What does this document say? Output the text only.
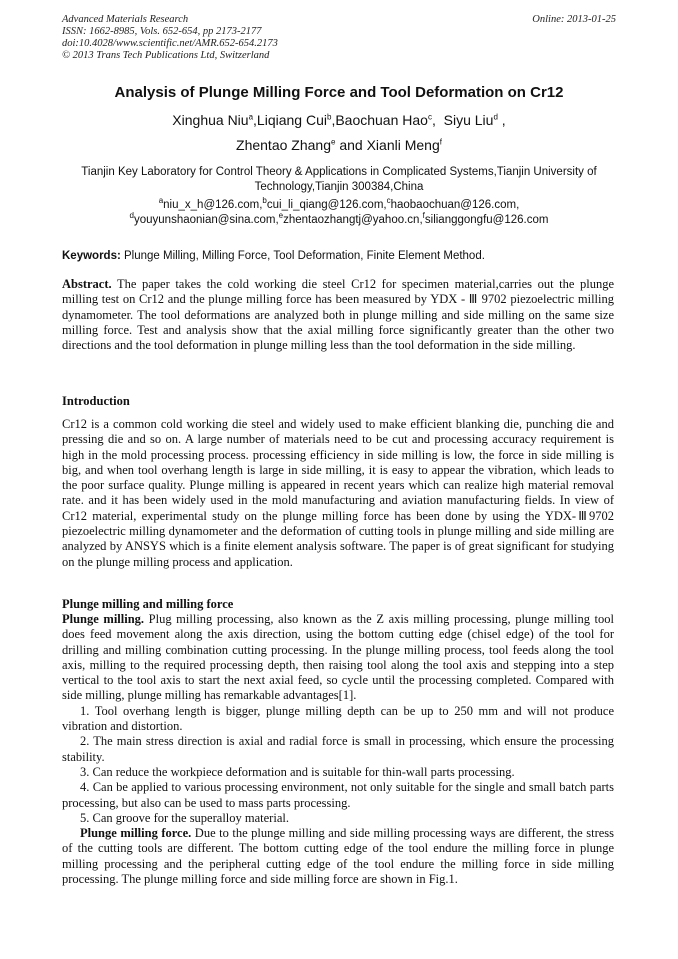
Advanced Materials Research	Online: 2013-01-25
ISSN: 1662-8985, Vols. 652-654, pp 2173-2177
doi:10.4028/www.scientific.net/AMR.652-654.2173
© 2013 Trans Tech Publications Ltd, Switzerland
Analysis of Plunge Milling Force and Tool Deformation on Cr12
Xinghua Niu$^a$,Liqiang Cui$^b$,Baochuan Hao$^c$,  Siyu Liu$^d$ ,
Zhentao Zhang$^e$ and Xianli Meng$^f$
Tianjin Key Laboratory for Control Theory & Applications in Complicated Systems,Tianjin University of Technology,Tianjin 300384,China
$^a$niu_x_h@126.com,$^b$cui_li_qiang@126.com,$^c$haobaochuan@126.com,
$^d$youyunshaonian@sina.com,$^e$zhentaozhangtj@yahoo.cn,$^f$silianggongfu@126.com
Keywords: Plunge Milling, Milling Force, Tool Deformation, Finite Element Method.
Abstract. The paper takes the cold working die steel Cr12 for specimen material,carries out the plunge milling test on Cr12 and the plunge milling force has been measured by YDX - Ⅲ 9702 piezoelectric milling dynamometer. The tool deformations are analyzed both in plunge milling and side milling on the same size milling force. Test and analysis show that the axial milling force significantly greater than the other two directions and the tool deformation in plunge milling less than the tool deformation in the side milling.
Introduction
Cr12 is a common cold working die steel and widely used to make efficient blanking die, punching die and pressing die and so on. A large number of materials need to be cut and processing accuracy requirement is high in the mold processing process. processing efficiency in side milling is low, the force in side milling is big, and when tool overhang length is large in side milling, it is easy to appear the vibration, which leads to the poor surface quality. Plunge milling is appeared in recent years which can realize high material removal rate. and it has been widely used in the mold manufacturing and aviation manufacturing fields. In view of Cr12 material, experimental study on the plunge milling force has been done by using the YDX-Ⅲ9702 piezoelectric milling dynamometer and the deformation of cutting tools in plunge milling and side milling are analyzed by ANSYS which is a finite element analysis software. The paper is of great significant for studying on the plunge milling process and application.
Plunge milling and milling force

Plunge milling. Plug milling processing, also known as the Z axis milling processing, plunge milling tool does feed movement along the axis direction, using the bottom cutting edge (chisel edge) of the tool for drilling and milling combination cutting processing. In the plunge milling process, tool feeds along the tool axis, milling to the required processing depth, then raising tool along the tool axis and stepping into a step vertical to the tool axis to start the next axial feed, so cycle until the processing completed. Compared with side milling, plunge milling has remarkable advantages[1].

1. Tool overhang length is bigger, plunge milling depth can be up to 250 mm and will not produce vibration and distortion.

2. The main stress direction is axial and radial force is small in processing, which ensure the processing stability.

3. Can reduce the workpiece deformation and is suitable for thin-wall parts processing.

4. Can be applied to various processing environment, not only suitable for the single and small batch parts processing, but also can be used to mass parts processing.

5. Can groove for the superalloy material.

Plunge milling force. Due to the plunge milling and side milling processing ways are different, the stress of the cutting tools are different. The bottom cutting edge of the tool endure the milling force in plunge milling processing and the peripheral cutting edge of the tool endure the milling force in side milling processing. The plunge milling force and side milling force are shown in Fig.1.
